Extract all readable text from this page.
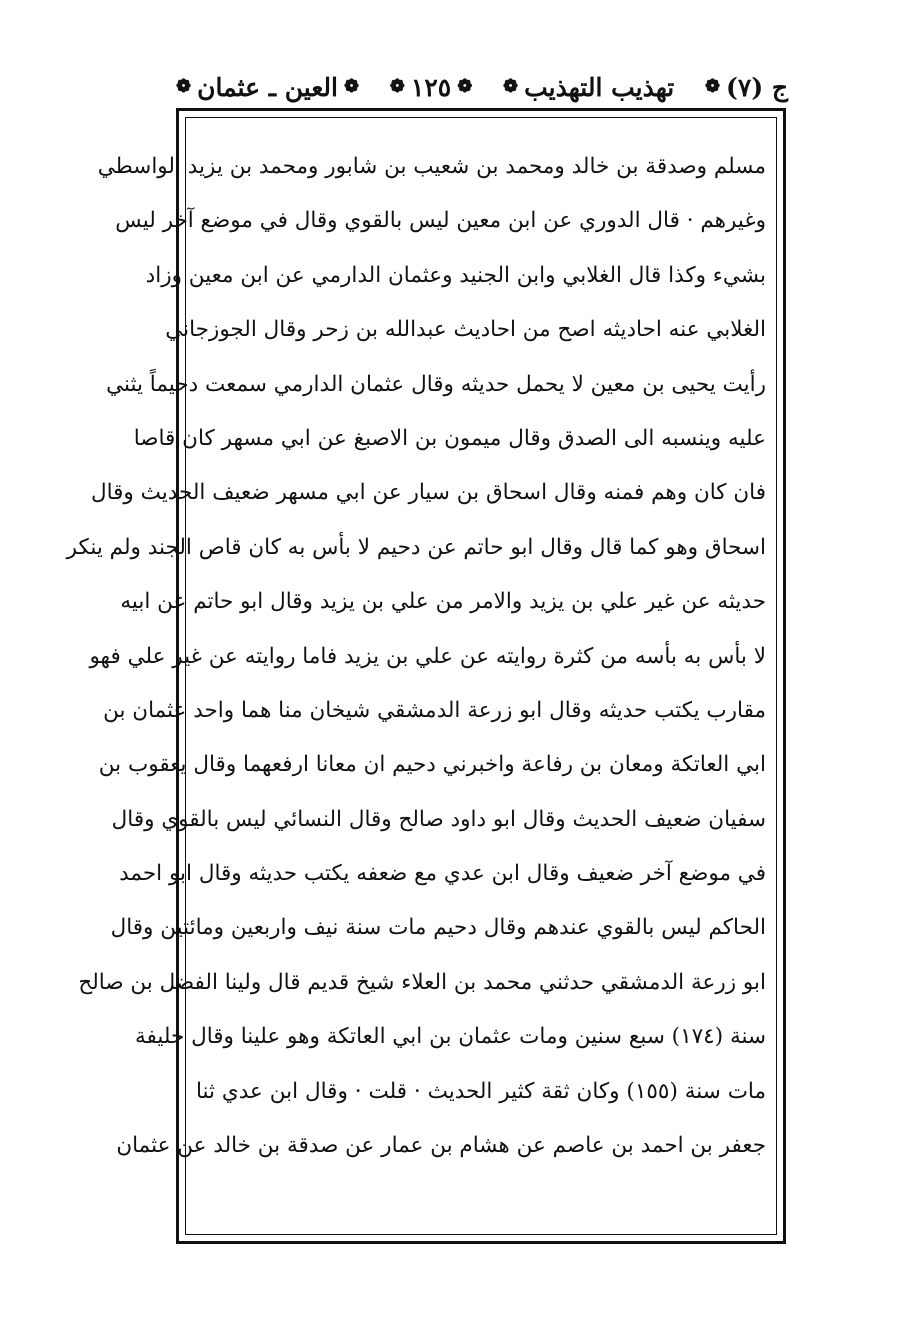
ج (٧)
❁
تهذيب التهذيب
❁
❁
١٢٥
❁
❁
العين ـ عثمان
❁
مسلم وصدقة بن خالد ومحمد بن شعيب بن شابور ومحمد بن يزيد الواسطي
وغيرهم · قال الدوري عن ابن معين ليس بالقوي وقال في موضع آخر ليس
بشيء وكذا قال الغلابي وابن الجنيد وعثمان الدارمي عن ابن معين وزاد
الغلابي عنه احاديثه اصح من احاديث عبدالله بن زحر وقال الجوزجاني
رأيت يحيى بن معين لا يحمل حديثه وقال عثمان الدارمي سمعت دحيماً يثني
عليه وينسبه الى الصدق وقال ميمون بن الاصبغ عن ابي مسهر كان قاصا
فان كان وهم فمنه وقال اسحاق بن سيار عن ابي مسهر ضعيف الحديث وقال
اسحاق وهو كما قال وقال ابو حاتم عن دحيم لا بأس به كان قاص الجند ولم ينكر
حديثه عن غير علي بن يزيد والامر من علي بن يزيد وقال ابو حاتم عن ابيه
لا بأس به بأسه من كثرة روايته عن علي بن يزيد فاما روايته عن غير علي فهو
مقارب يكتب حديثه وقال ابو زرعة الدمشقي شيخان منا هما واحد عثمان بن
ابي العاتكة ومعان بن رفاعة واخبرني دحيم ان معانا ارفعهما وقال يعقوب بن
سفيان ضعيف الحديث وقال ابو داود صالح وقال النسائي ليس بالقوي وقال
في موضع آخر ضعيف وقال ابن عدي مع ضعفه يكتب حديثه وقال ابو احمد
الحاكم ليس بالقوي عندهم وقال دحيم مات سنة نيف واربعين ومائتين وقال
ابو زرعة الدمشقي حدثني محمد بن العلاء شيخ قديم قال ولينا الفضل بن صالح
سنة (١٧٤) سبع سنين ومات عثمان بن ابي العاتكة وهو علينا وقال خليفة
مات سنة (١٥٥) وكان ثقة كثير الحديث · قلت · وقال ابن عدي ثنا
جعفر بن احمد بن عاصم عن هشام بن عمار عن صدقة بن خالد عن عثمان
